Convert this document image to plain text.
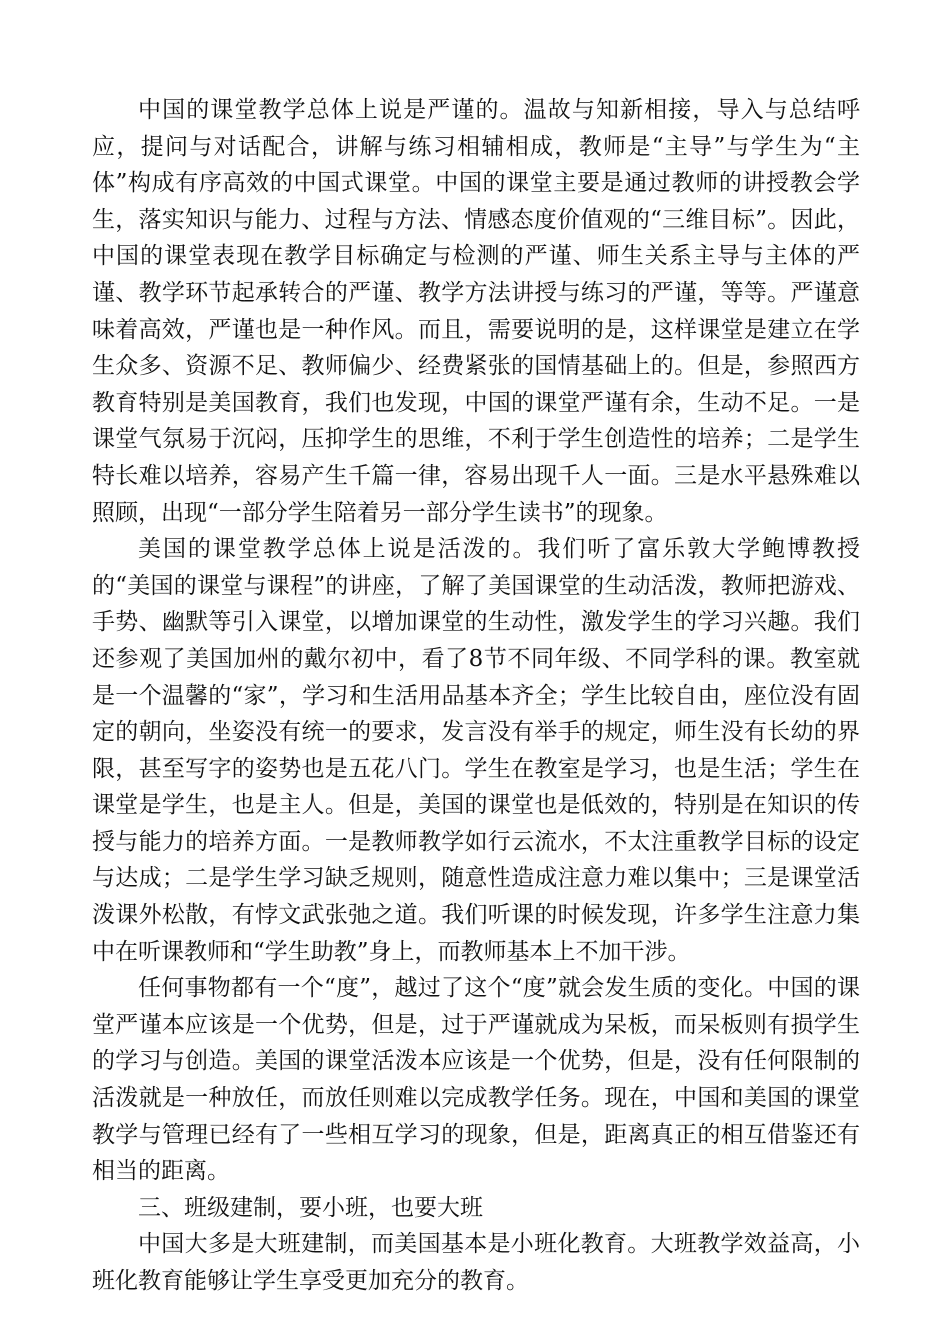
中国的课堂教学总体上说是严谨的。温故与知新相接，导入与总结呼应，提问与对话配合，讲解与练习相辅相成，教师是“主导”与学生为“主体”构成有序高效的中国式课堂。中国的课堂主要是通过教师的讲授教会学生，落实知识与能力、过程与方法、情感态度价值观的“三维目标”。因此，中国的课堂表现在教学目标确定与检测的严谨、师生关系主导与主体的严谨、教学环节起承转合的严谨、教学方法讲授与练习的严谨，等等。严谨意味着高效，严谨也是一种作风。而且，需要说明的是，这样课堂是建立在学生众多、资源不足、教师偏少、经费紧张的国情基础上的。但是，参照西方教育特别是美国教育，我们也发现，中国的课堂严谨有余，生动不足。一是课堂气氛易于沉闷，压抑学生的思维，不利于学生创造性的培养；二是学生特长难以培养，容易产生千篇一律，容易出现千人一面。三是水平悬殊难以照顾，出现“一部分学生陪着另一部分学生读书”的现象。

美国的课堂教学总体上说是活泼的。我们听了富乐敦大学鲍博教授的“美国的课堂与课程”的讲座，了解了美国课堂的生动活泼，教师把游戏、手势、幽默等引入课堂，以增加课堂的生动性，激发学生的学习兴趣。我们还参观了美国加州的戴尔初中，看了8节不同年级、不同学科的课。教室就是一个温馨的“家”，学习和生活用品基本齐全；学生比较自由，座位没有固定的朝向，坐姿没有统一的要求，发言没有举手的规定，师生没有长幼的界限，甚至写字的姿势也是五花八门。学生在教室是学习，也是生活；学生在课堂是学生，也是主人。但是，美国的课堂也是低效的，特别是在知识的传授与能力的培养方面。一是教师教学如行云流水，不太注重教学目标的设定与达成；二是学生学习缺乏规则，随意性造成注意力难以集中；三是课堂活泼课外松散，有悖文武张弛之道。我们听课的时候发现，许多学生注意力集中在听课教师和“学生助教”身上，而教师基本上不加干涉。

任何事物都有一个“度”，越过了这个“度”就会发生质的变化。中国的课堂严谨本应该是一个优势，但是，过于严谨就成为呆板，而呆板则有损学生的学习与创造。美国的课堂活泼本应该是一个优势，但是，没有任何限制的活泼就是一种放任，而放任则难以完成教学任务。现在，中国和美国的课堂教学与管理已经有了一些相互学习的现象，但是，距离真正的相互借鉴还有相当的距离。

三、班级建制，要小班，也要大班

中国大多是大班建制，而美国基本是小班化教育。大班教学效益高，小班化教育能够让学生享受更加充分的教育。
